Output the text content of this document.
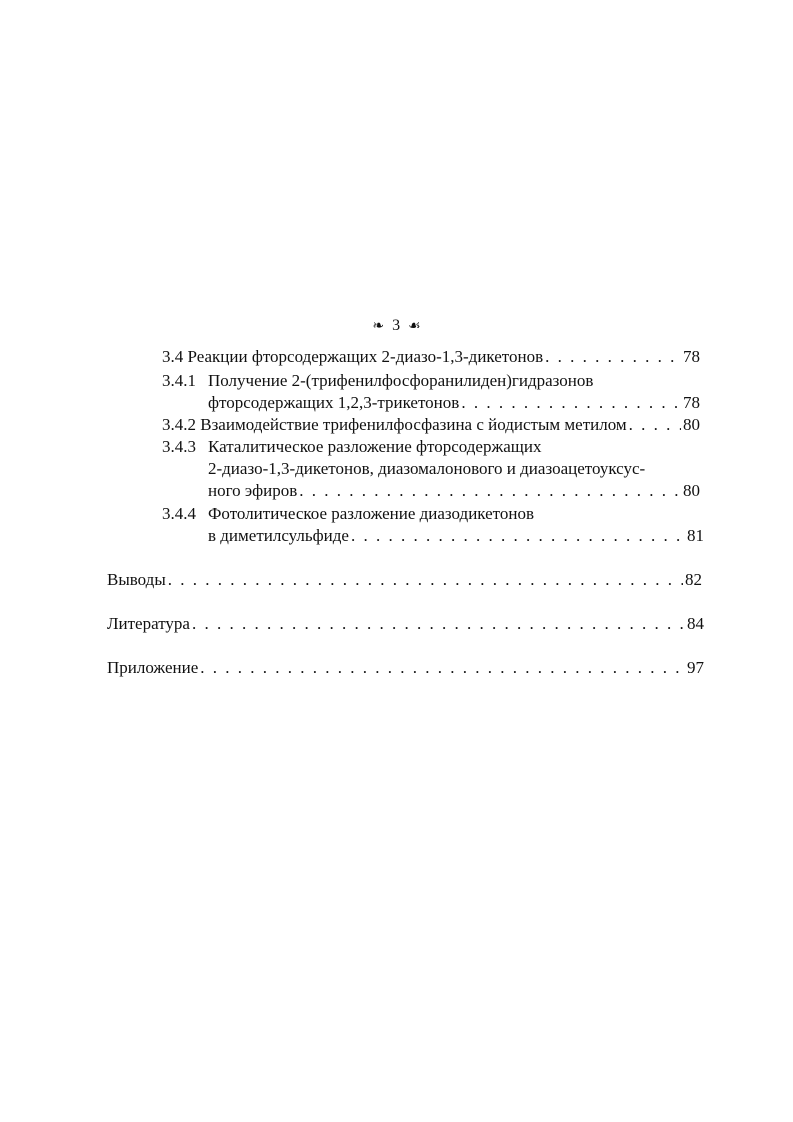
❧ 3 ☙
3.4 Реакции фторсодержащих 2-диазо-1,3-дикетонов . . .	78
3.4.1 Получение 2-(трифенилфосфоранилиден)гидразонов
фторсодержащих 1,2,3-трикетонов . . .	78
3.4.2 Взаимодействие трифенилфосфазина с йодистым метилом . . .	80
3.4.3 Каталитическое разложение фторсодержащих
2-диазо-1,3-дикетонов, диазомалонового и диазоацетоуксус-
ного эфиров . . .	80
3.4.4 Фотолитическое разложение диазодикетонов
в диметилсульфиде . . .	81
Выводы . . .	82
Литература . . .	84
Приложение . . .	97
